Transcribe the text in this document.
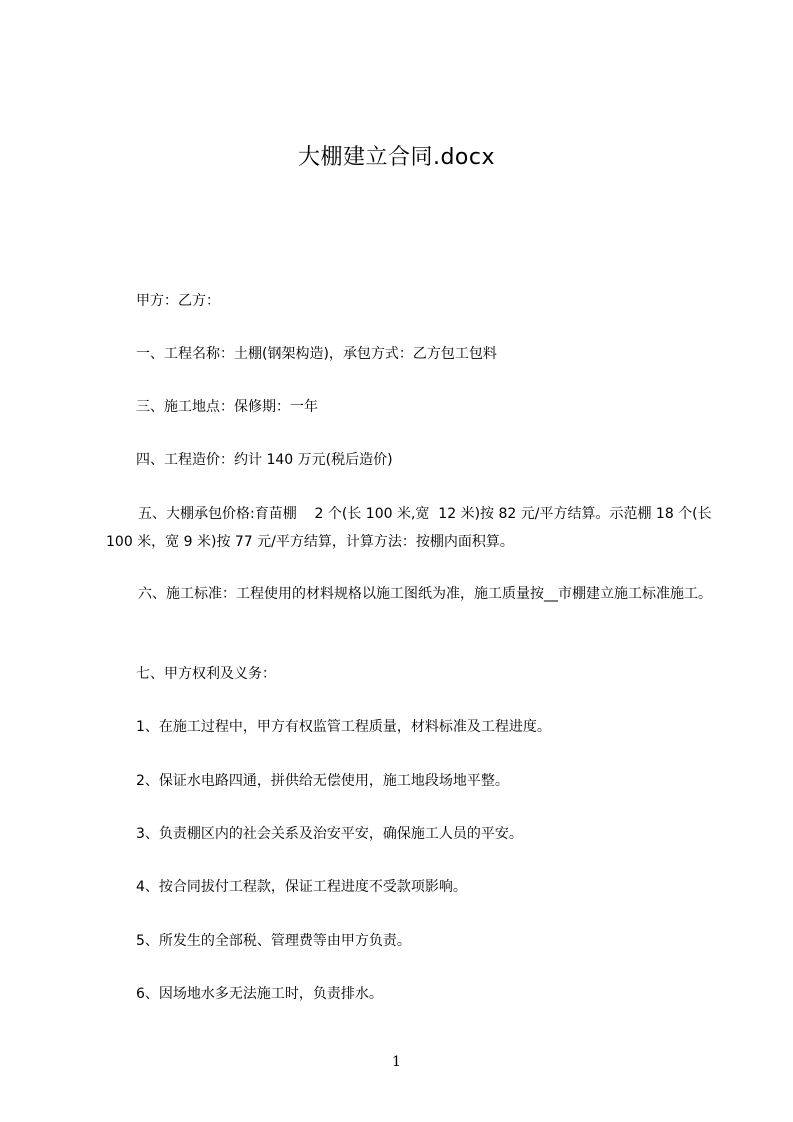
大棚建立合同.docx
甲方：乙方：
一、工程名称：土棚(钢架构造)，承包方式：乙方包工包料
三、施工地点：保修期：一年
四、工程造价：约计 140 万元(税后造价)
五、大棚承包价格:育苗棚    2 个(长 100 米,宽  12 米)按 82 元/平方结算。示范棚 18 个(长 100 米，宽 9 米)按 77 元/平方结算，计算方法：按棚内面积算。
六、施工标准：工程使用的材料规格以施工图纸为准，施工质量按__市棚建立施工标准施工。
七、甲方权利及义务：
1、在施工过程中，甲方有权监管工程质量，材料标准及工程进度。
2、保证水电路四通，拼供给无偿使用，施工地段场地平整。
3、负责棚区内的社会关系及治安平安，确保施工人员的平安。
4、按合同拔付工程款，保证工程进度不受款项影响。
5、所发生的全部税、管理费等由甲方负责。
6、因场地水多无法施工时，负责排水。
1
